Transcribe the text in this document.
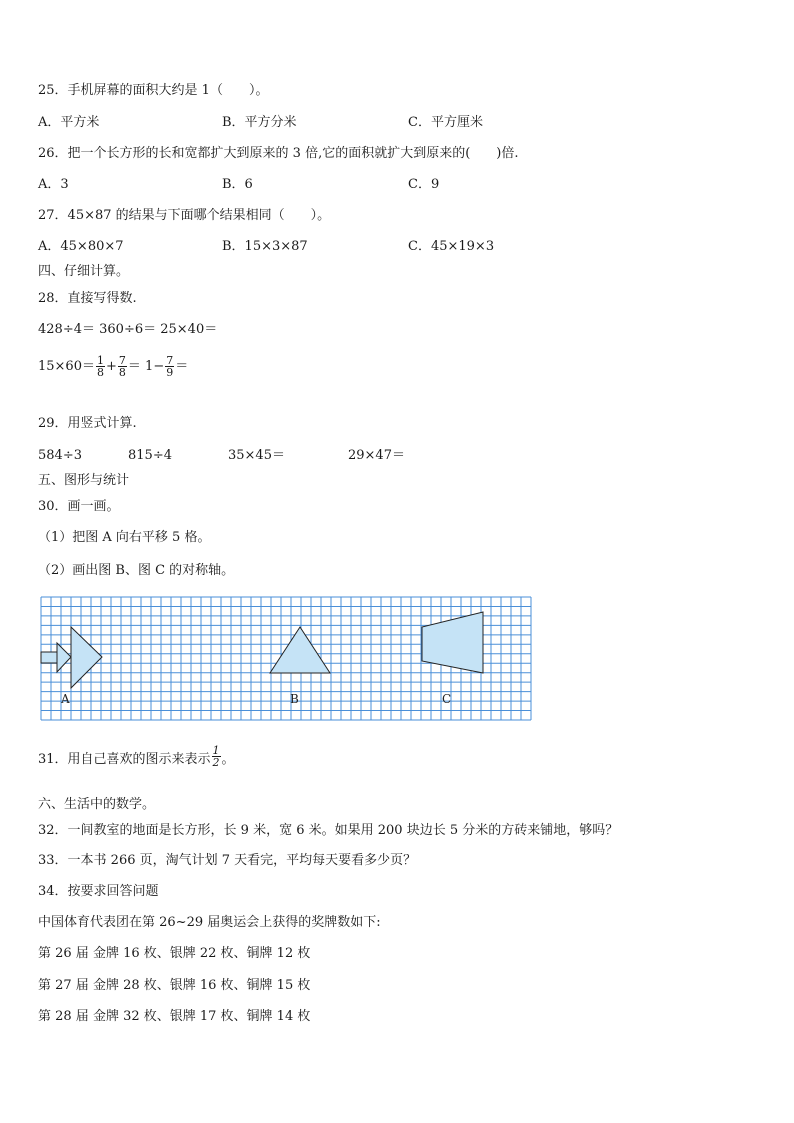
25．手机屏幕的面积大约是 1（　　）。
A．平方米	B．平方分米	C．平方厘米
26．把一个长方形的长和宽都扩大到原来的 3 倍,它的面积就扩大到原来的(　　)倍.
A．3	B．6	C．9
27．45×87 的结果与下面哪个结果相同（　　）。
A．45×80×7	B．15×3×87	C．45×19×3
四、仔细计算。
28．直接写得数.
428÷4＝ 360÷6＝ 25×40＝
$15\times 60= \frac{1}{8} + \frac{7}{8} = 1- \frac{7}{9}$ ＝
29．用竖式计算.
584÷3	815÷4	35×45＝	29×47＝
五、图形与统计
30．画一画。
（1）把图 A 向右平移 5 格。
（2）画出图 B、图 C 的对称轴。
A	B	C
31．用自己喜欢的图示来表示 $\frac{1}{2}$ 。
六、生活中的数学。
32．一间教室的地面是长方形，长 9 米，宽 6 米。如果用 200 块边长 5 分米的方砖来铺地，够吗？
33．一本书 266 页，淘气计划 7 天看完，平均每天要看多少页？
34．按要求回答问题
中国体育代表团在第 26~29 届奥运会上获得的奖牌数如下:
第 26 届 金牌 16 枚、银牌 22 枚、铜牌 12 枚
第 27 届 金牌 28 枚、银牌 16 枚、铜牌 15 枚
第 28 届 金牌 32 枚、银牌 17 枚、铜牌 14 枚
